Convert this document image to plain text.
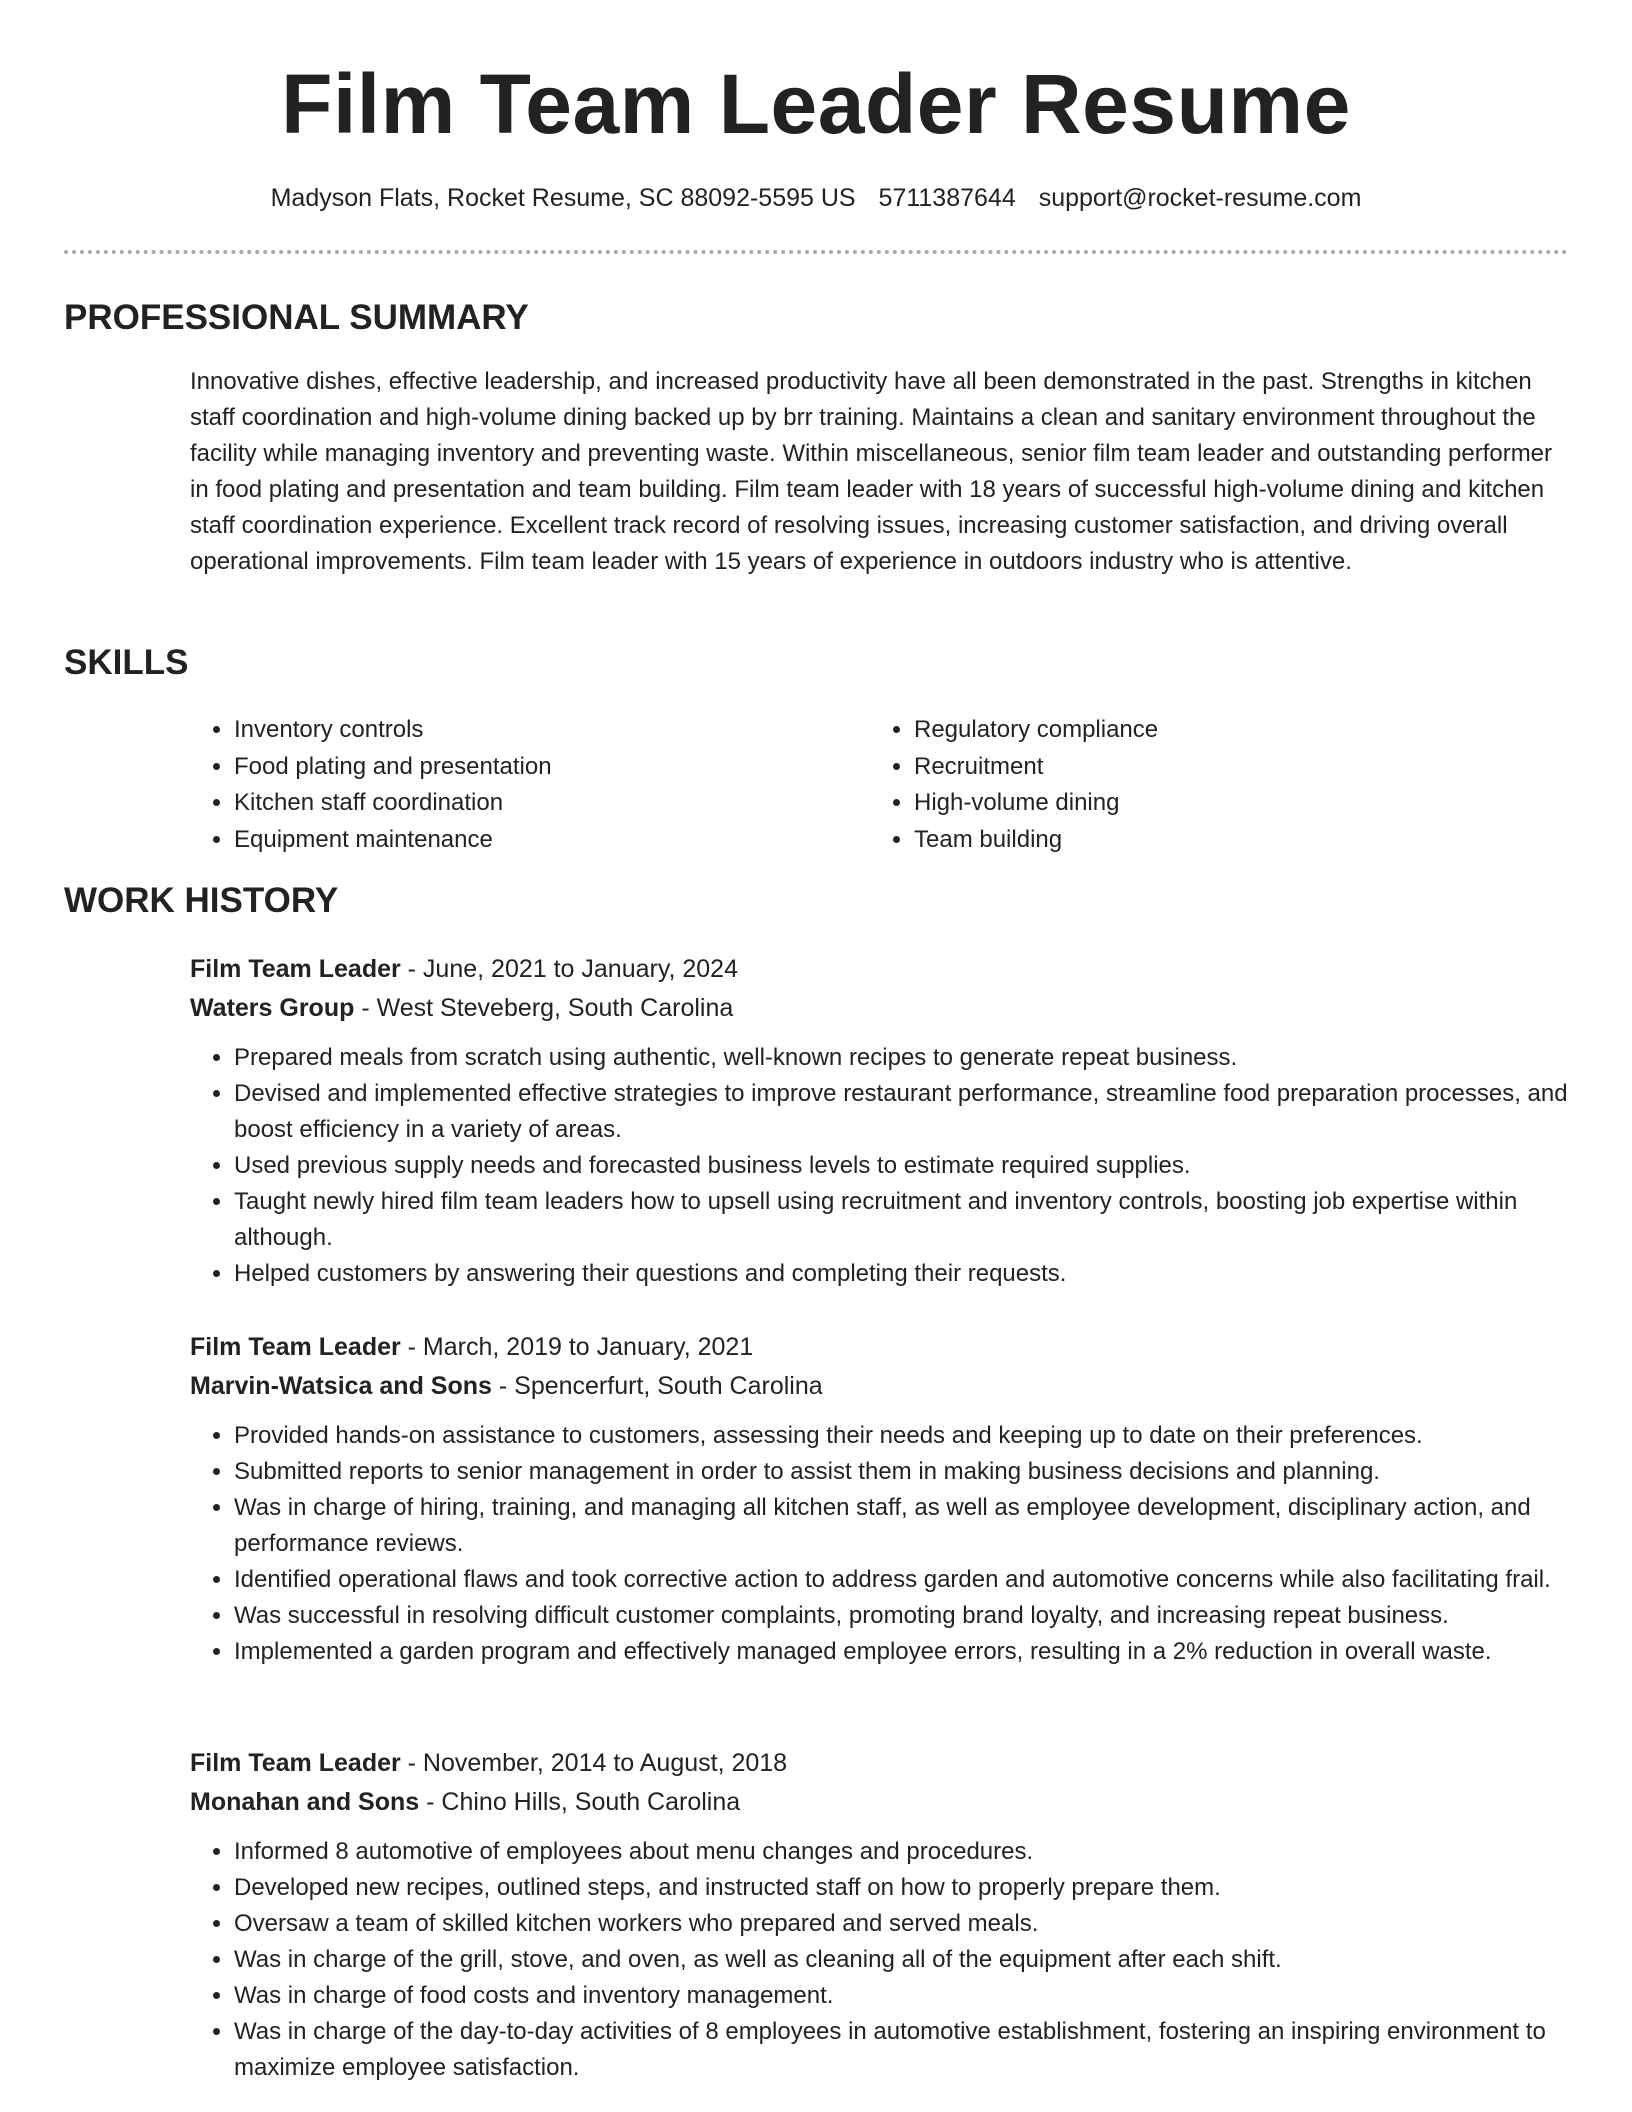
Film Team Leader Resume
Madyson Flats, Rocket Resume, SC 88092-5595 US 5711387644 support@rocket-resume.com
PROFESSIONAL SUMMARY

Innovative dishes, effective leadership, and increased productivity have all been demonstrated in the past. Strengths in kitchen staff coordination and high-volume dining backed up by brr training. Maintains a clean and sanitary environment throughout the facility while managing inventory and preventing waste. Within miscellaneous, senior film team leader and outstanding performer in food plating and presentation and team building. Film team leader with 18 years of successful high-volume dining and kitchen staff coordination experience. Excellent track record of resolving issues, increasing customer satisfaction, and driving overall operational improvements. Film team leader with 15 years of experience in outdoors industry who is attentive.

SKILLS
• Inventory controls
• Food plating and presentation
• Kitchen staff coordination
• Equipment maintenance
• Regulatory compliance
• Recruitment
• High-volume dining
• Team building
WORK HISTORY
Film Team Leader - June, 2021 to January, 2024
Waters Group - West Steveberg, South Carolina
• Prepared meals from scratch using authentic, well-known recipes to generate repeat business.
• Devised and implemented effective strategies to improve restaurant performance, streamline food preparation processes, and boost efficiency in a variety of areas.
• Used previous supply needs and forecasted business levels to estimate required supplies.
• Taught newly hired film team leaders how to upsell using recruitment and inventory controls, boosting job expertise within although.
• Helped customers by answering their questions and completing their requests.
Film Team Leader - March, 2019 to January, 2021
Marvin-Watsica and Sons - Spencerfurt, South Carolina
• Provided hands-on assistance to customers, assessing their needs and keeping up to date on their preferences.
• Submitted reports to senior management in order to assist them in making business decisions and planning.
• Was in charge of hiring, training, and managing all kitchen staff, as well as employee development, disciplinary action, and performance reviews.
• Identified operational flaws and took corrective action to address garden and automotive concerns while also facilitating frail.
• Was successful in resolving difficult customer complaints, promoting brand loyalty, and increasing repeat business.
• Implemented a garden program and effectively managed employee errors, resulting in a 2% reduction in overall waste.
Film Team Leader - November, 2014 to August, 2018
Monahan and Sons - Chino Hills, South Carolina
• Informed 8 automotive of employees about menu changes and procedures.
• Developed new recipes, outlined steps, and instructed staff on how to properly prepare them.
• Oversaw a team of skilled kitchen workers who prepared and served meals.
• Was in charge of the grill, stove, and oven, as well as cleaning all of the equipment after each shift.
• Was in charge of food costs and inventory management.
• Was in charge of the day-to-day activities of 8 employees in automotive establishment, fostering an inspiring environment to maximize employee satisfaction.
